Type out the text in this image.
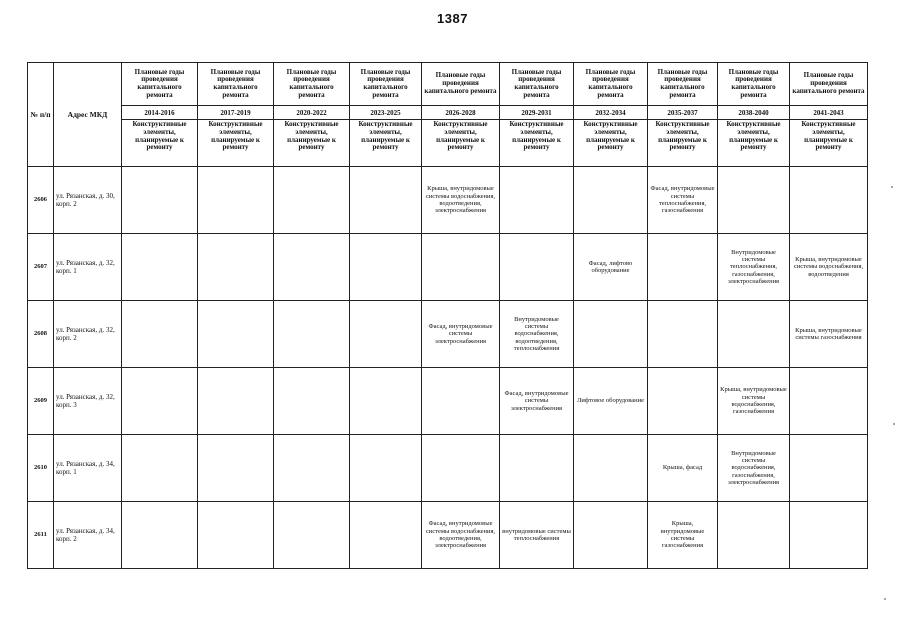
1387
№ п/п	Адрес МКД	Плановые годы проведения капитального ремонта	Плановые годы проведения капитального ремонта	Плановые годы проведения капитального ремонта	Плановые годы проведения капитального ремонта	Плановые годы проведения капитального ремонта	Плановые годы проведения капитального ремонта	Плановые годы проведения капитального ремонта	Плановые годы проведения капитального ремонта	Плановые годы проведения капитального ремонта	Плановые годы проведения капитального ремонта
		2014-2016	2017-2019	2020-2022	2023-2025	2026-2028	2029-2031	2032-2034	2035-2037	2038-2040	2041-2043
		Конструктивные элементы, планируемые к ремонту	Конструктивные элементы, планируемые к ремонту	Конструктивные элементы, планируемые к ремонту	Конструктивные элементы, планируемые к ремонту	Конструктивные элементы, планируемые к ремонту	Конструктивные элементы, планируемые к ремонту	Конструктивные элементы, планируемые к ремонту	Конструктивные элементы, планируемые к ремонту	Конструктивные элементы, планируемые к ремонту	Конструктивные элементы, планируемые к ремонту
2606	ул. Рязанская, д. 30, корп. 2					Крыша, внутридомовые системы водоснабжения, водоотведения, электроснабжения			Фасад, внутридомовые системы теплоснабжения, газоснабжения		
2607	ул. Рязанская, д. 32, корп. 1							Фасад, лифтово оборудование		Внутридомовые системы теплоснабжения, газоснабжения, электроснабжения	Крыша, внутридомовые системы водоснабжения, водоотведения
2608	ул. Рязанская, д. 32, корп. 2					Фасад, внутридомовые системы электроснабжения	Внутридомовые системы водоснабжения, водоотведения, теплоснабжения				Крыша, внутридомовые системы газоснабжения
2609	ул. Рязанская, д. 32, корп. 3						Фасад, внутридомовые системы электроснабжения	Лифтовое оборудование		Крыша, внутридомовые системы водоснабжения, газоснабжения	
2610	ул. Рязанская, д. 34, корп. 1								Крыша, фасад	Внутридомовые системы водоснабжения, газоснабжения, электроснабжения	
2611	ул. Рязанская, д. 34, корп. 2					Фасад, внутридомовые системы водоснабжения, водоотведения, электроснабжения	внутридомовые системы теплоснабжения		Крыша, внутридомовые системы газоснабжения		
